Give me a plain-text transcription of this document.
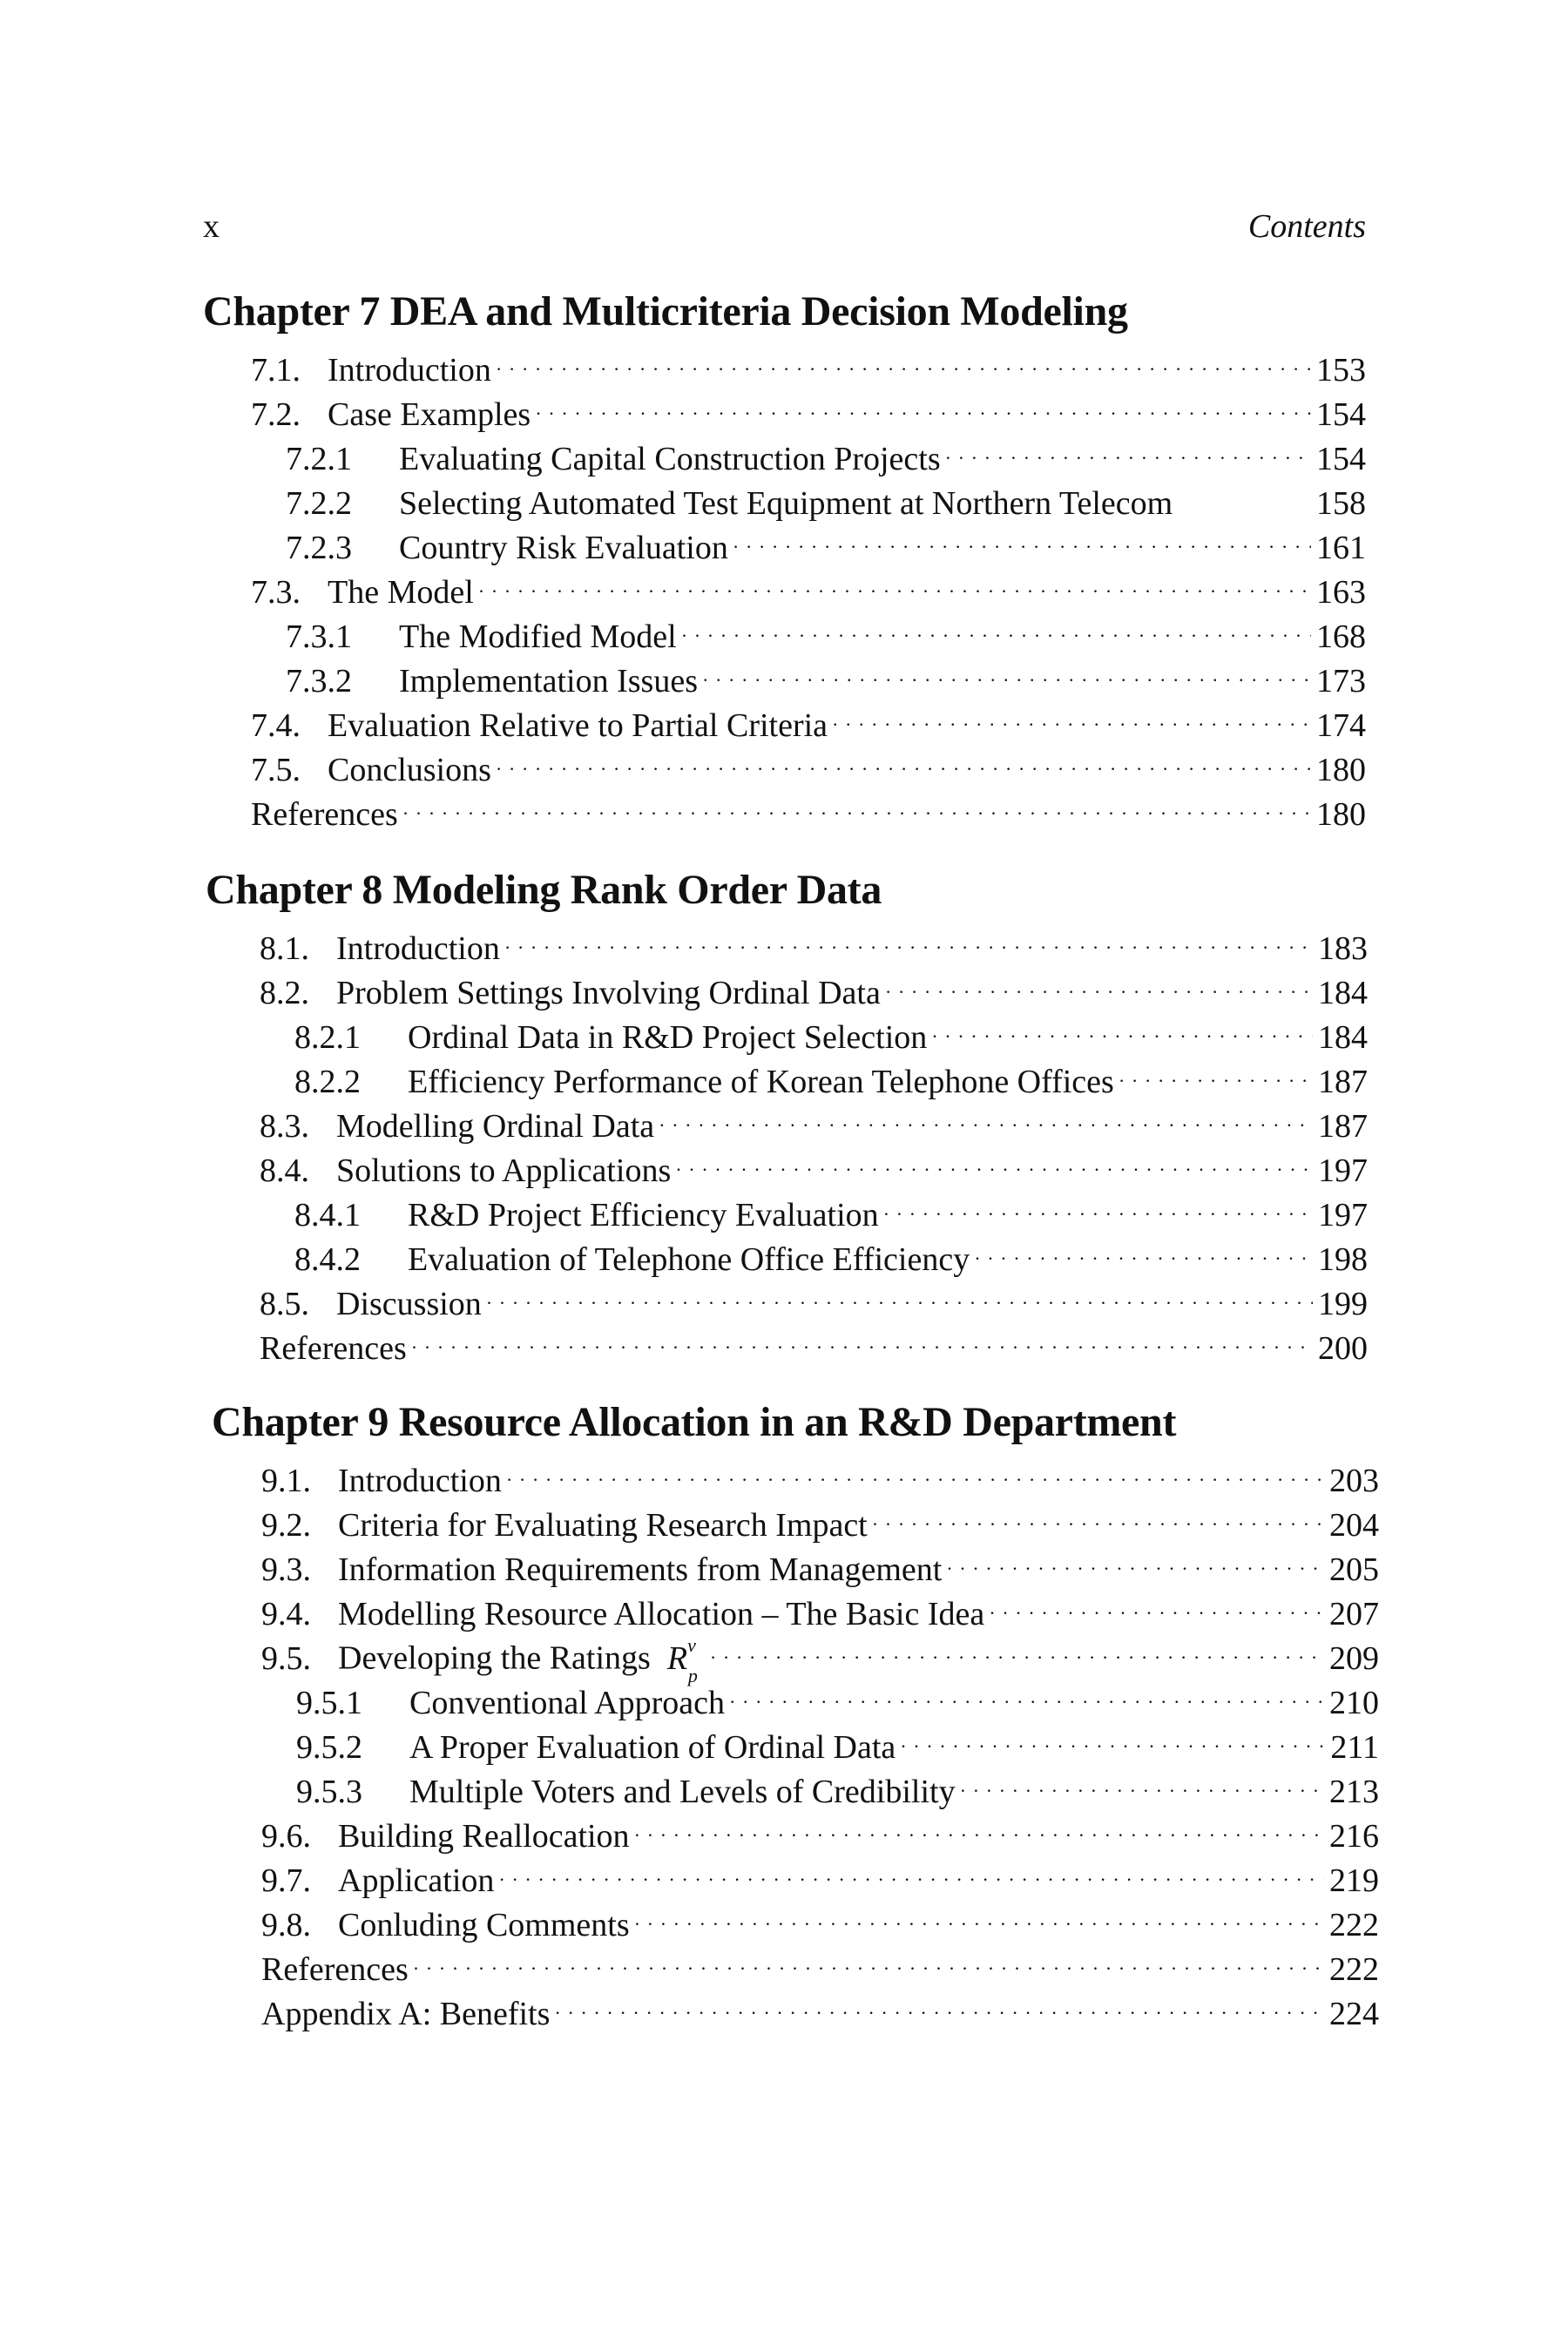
x	Contents
Chapter 7 DEA and Multicriteria Decision Modeling
7.1. Introduction . . .	153
7.2. Case Examples . . .	154
7.2.1	Evaluating Capital Construction Projects . . .	154
7.2.2	Selecting Automated Test Equipment at Northern Telecom	158
7.2.3	Country Risk Evaluation . . .	161
7.3. The Model . . .	163
7.3.1	The Modified Model . . .	168
7.3.2	Implementation Issues . . .	173
7.4. Evaluation Relative to Partial Criteria . . .	174
7.5. Conclusions . . .	180
References . . .	180
Chapter 8 Modeling Rank Order Data
8.1. Introduction . . .	183
8.2. Problem Settings Involving Ordinal Data . . .	184
8.2.1	Ordinal Data in R&D Project Selection . . .	184
8.2.2	Efficiency Performance of Korean Telephone Offices . . .	187
8.3. Modelling Ordinal Data . . .	187
8.4. Solutions to Applications . . .	197
8.4.1	R&D Project Efficiency Evaluation . . .	197
8.4.2	Evaluation of Telephone Office Efficiency . . .	198
8.5. Discussion . . .	199
References . . .	200
Chapter 9 Resource Allocation in an R&D Department
9.1. Introduction . . .	203
9.2. Criteria for Evaluating Research Impact . . .	204
9.3. Information Requirements from Management . . .	205
9.4. Modelling Resource Allocation – The Basic Idea . . .	207
9.5. Developing the Ratings $R^v_p$ . . .	209
9.5.1	Conventional Approach . . .	210
9.5.2	A Proper Evaluation of Ordinal Data . . .	211
9.5.3	Multiple Voters and Levels of Credibility . . .	213
9.6. Building Reallocation . . .	216
9.7. Application . . .	219
9.8. Conluding Comments . . .	222
References . . .	222
Appendix A: Benefits . . .	224
